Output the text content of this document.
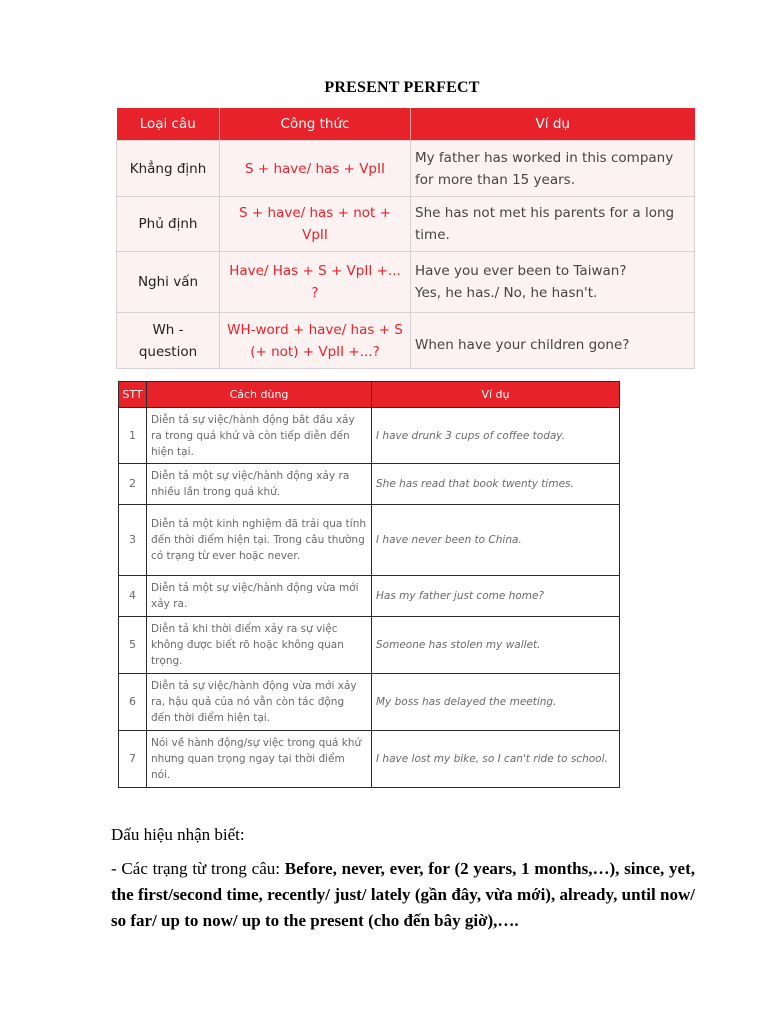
PRESENT PERFECT
Loại câu	Công thức	Ví dụ
Khẳng định	S + have/ has + VpII	My father has worked in this company for more than 15 years.
Phủ định	S + have/ has + not + VpII	She has not met his parents for a long time.
Nghi vấn	Have/ Has + S + VpII +... ?	Have you ever been to Taiwan?
Yes, he has./ No, he hasn't.

Wh - question	WH-word + have/ has + S (+ not) + VpII +...?	When have your children gone?
STT	Cách dùng	Ví dụ
1	Diễn tả sự việc/hành động bắt đầu xảy ra trong quá khứ và còn tiếp diễn đến hiện tại.	I have drunk 3 cups of coffee today.
2	Diễn tả một sự việc/hành động xảy ra nhiều lần trong quá khứ.	She has read that book twenty times.
3	Diễn tả một kinh nghiệm đã trải qua tính đến thời điểm hiện tại. Trong câu thường có trạng từ ever hoặc never.	I have never been to China.
4	Diễn tả một sự việc/hành động vừa mới xảy ra.	Has my father just come home?
5	Diễn tả khi thời điểm xảy ra sự việc không được biết rõ hoặc không quan trọng.	Someone has stolen my wallet.
6	Diễn tả sự việc/hành động vừa mới xảy ra, hậu quả của nó vẫn còn tác động đến thời điểm hiện tại.	My boss has delayed the meeting.
7	Nói về hành động/sự việc trong quá khứ nhưng quan trọng ngay tại thời điểm nói.	I have lost my bike, so I can't ride to school.
Dấu hiệu nhận biết:
- Các trạng từ trong câu: Before, never, ever, for (2 years, 1 months,…), since, yet, the first/second time, recently/ just/ lately (gần đây, vừa mới), already, until now/ so far/ up to now/ up to the present (cho đến bây giờ),….
